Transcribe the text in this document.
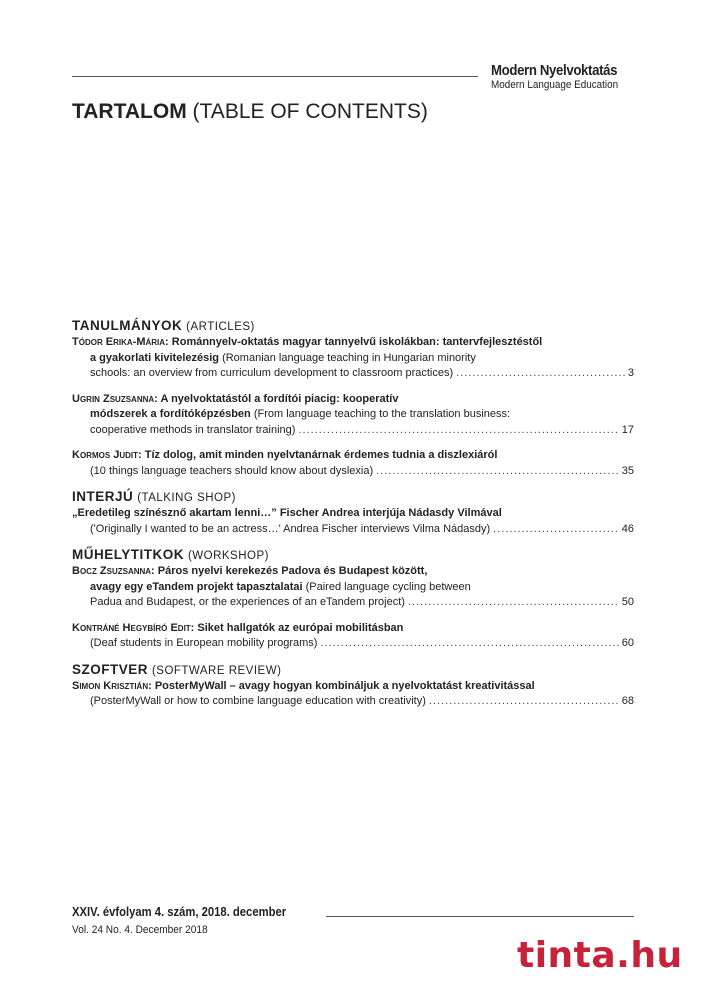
Modern Nyelvoktatás
Modern Language Education
TARTALOM (TABLE OF CONTENTS)
TANULMÁNYOK (ARTICLES)
Tódor Erika-Mária: Románnyelv-oktatás magyar tannyelvű iskolákban: tantervfejlesztéstől
a gyakorlati kivitelezésig (Romanian language teaching in Hungarian minority
schools: an overview from curriculum development to classroom practices) .....	3
Ugrin Zsuzsanna: A nyelvoktatástól a fordítói piacig: kooperatív
módszerek a fordítóképzésben (From language teaching to the translation business:
cooperative methods in translator training) .....	17
Kormos Judit: Tíz dolog, amit minden nyelvtanárnak érdemes tudnia a diszlexiáról
(10 things language teachers should know about dyslexia) .....	35
INTERJÚ (TALKING SHOP)
„Eredetileg színésznő akartam lenni…” Fischer Andrea interjúja Nádasdy Vilmával
('Originally I wanted to be an actress…' Andrea Fischer interviews Vilma Nádasdy) .....	46
MŰHELYTITKOK (WORKSHOP)
Bocz Zsuzsanna: Páros nyelvi kerekezés Padova és Budapest között,
avagy egy eTandem projekt tapasztalatai (Paired language cycling between
Padua and Budapest, or the experiences of an eTandem project) .....	50
Kontráné Hegybíró Edit: Siket hallgatók az európai mobilitásban
(Deaf students in European mobility programs) .....	60
SZOFTVER (SOFTWARE REVIEW)
Simon Krisztián: PosterMyWall – avagy hogyan kombináljuk a nyelvoktatást kreativitással
(PosterMyWall or how to combine language education with creativity) .....	68
XXIV. évfolyam 4. szám, 2018. december
Vol. 24 No. 4. December 2018
tinta.hu
